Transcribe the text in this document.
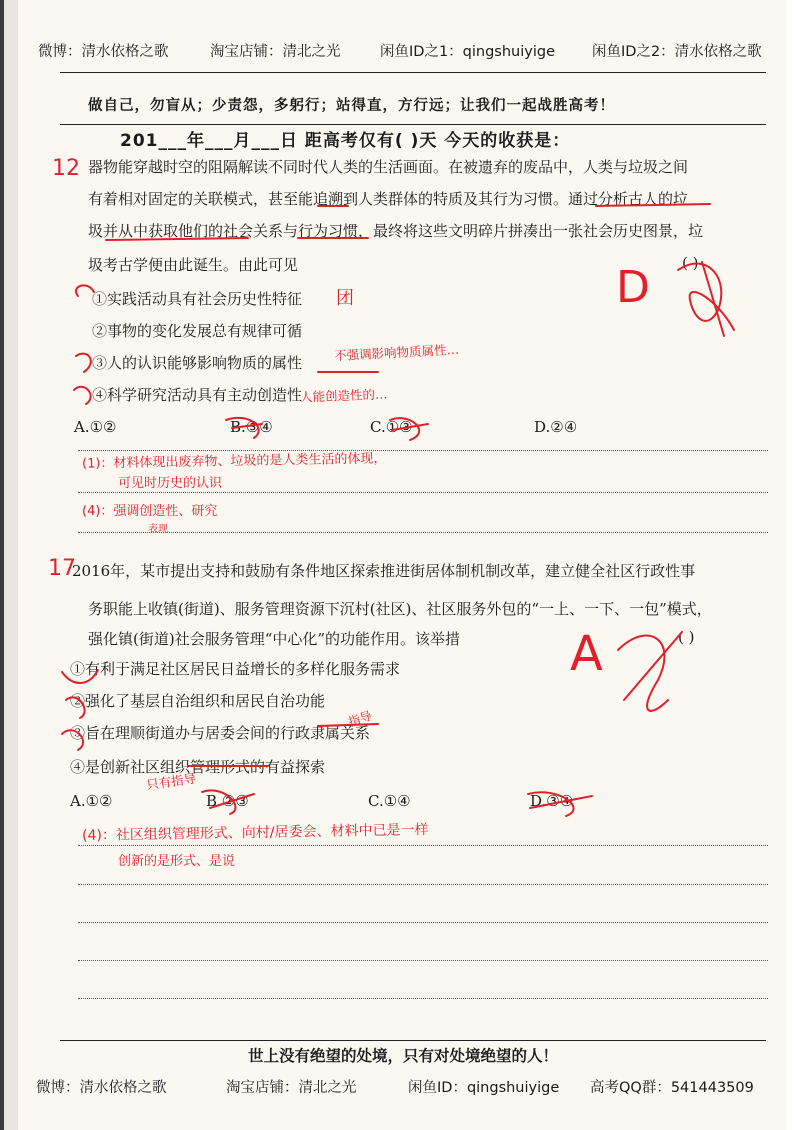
微博：清水依格之歌	淘宝店铺：清北之光	闲鱼ID之1：qingshuiyige	闲鱼ID之2：清水依格之歌
做自己，勿盲从；少责怨，多躬行；站得直，方行远；让我们一起战胜高考！
201___年___月___日 距高考仅有( )天 今天的收获是：
12 器物能穿越时空的阻隔解读不同时代人类的生活画面。在被遗弃的废品中，人类与垃圾之间
有着相对固定的关联模式，甚至能追溯到人类群体的特质及其行为习惯。通过分析古人的垃
圾并从中获取他们的社会关系与行为习惯，最终将这些文明碎片拼凑出一张社会历史图景，垃
圾考古学便由此诞生。由此可见	( )
①实践活动具有社会历史性特征
②事物的变化发展总有规律可循
③人的认识能够影响物质的属性
④科学研究活动具有主动创造性
A.①②	B.③④	C.①③	D.②④
D
团
不强调影响物质属性…
人能创造性的…
(1)：材料体现出废弃物、垃圾的是人类生活的体现，
可见时历史的认识
(4)：强调创造性、研究
表现
17
2016年，某市提出支持和鼓励有条件地区探索推进街居体制机制改革，建立健全社区行政性事
务职能上收镇(街道)、服务管理资源下沉村(社区)、社区服务外包的“一上、一下、一包”模式，
强化镇(街道)社会服务管理“中心化”的功能作用。该举措	( )
①有利于满足社区居民日益增长的多样化服务需求
②强化了基层自治组织和居民自治功能
③旨在理顺街道办与居委会间的行政隶属关系
④是创新社区组织管理形式的有益探索
A.①②	B.②③	C.①④	D.③④
A
指导
只有指导
(4)：社区组织管理形式、向村/居委会、材料中已是一样
创新的是形式、是说
世上没有绝望的处境，只有对处境绝望的人！
微博：清水依格之歌	淘宝店铺：清北之光	闲鱼ID：qingshuiyige 高考QQ群：541443509
